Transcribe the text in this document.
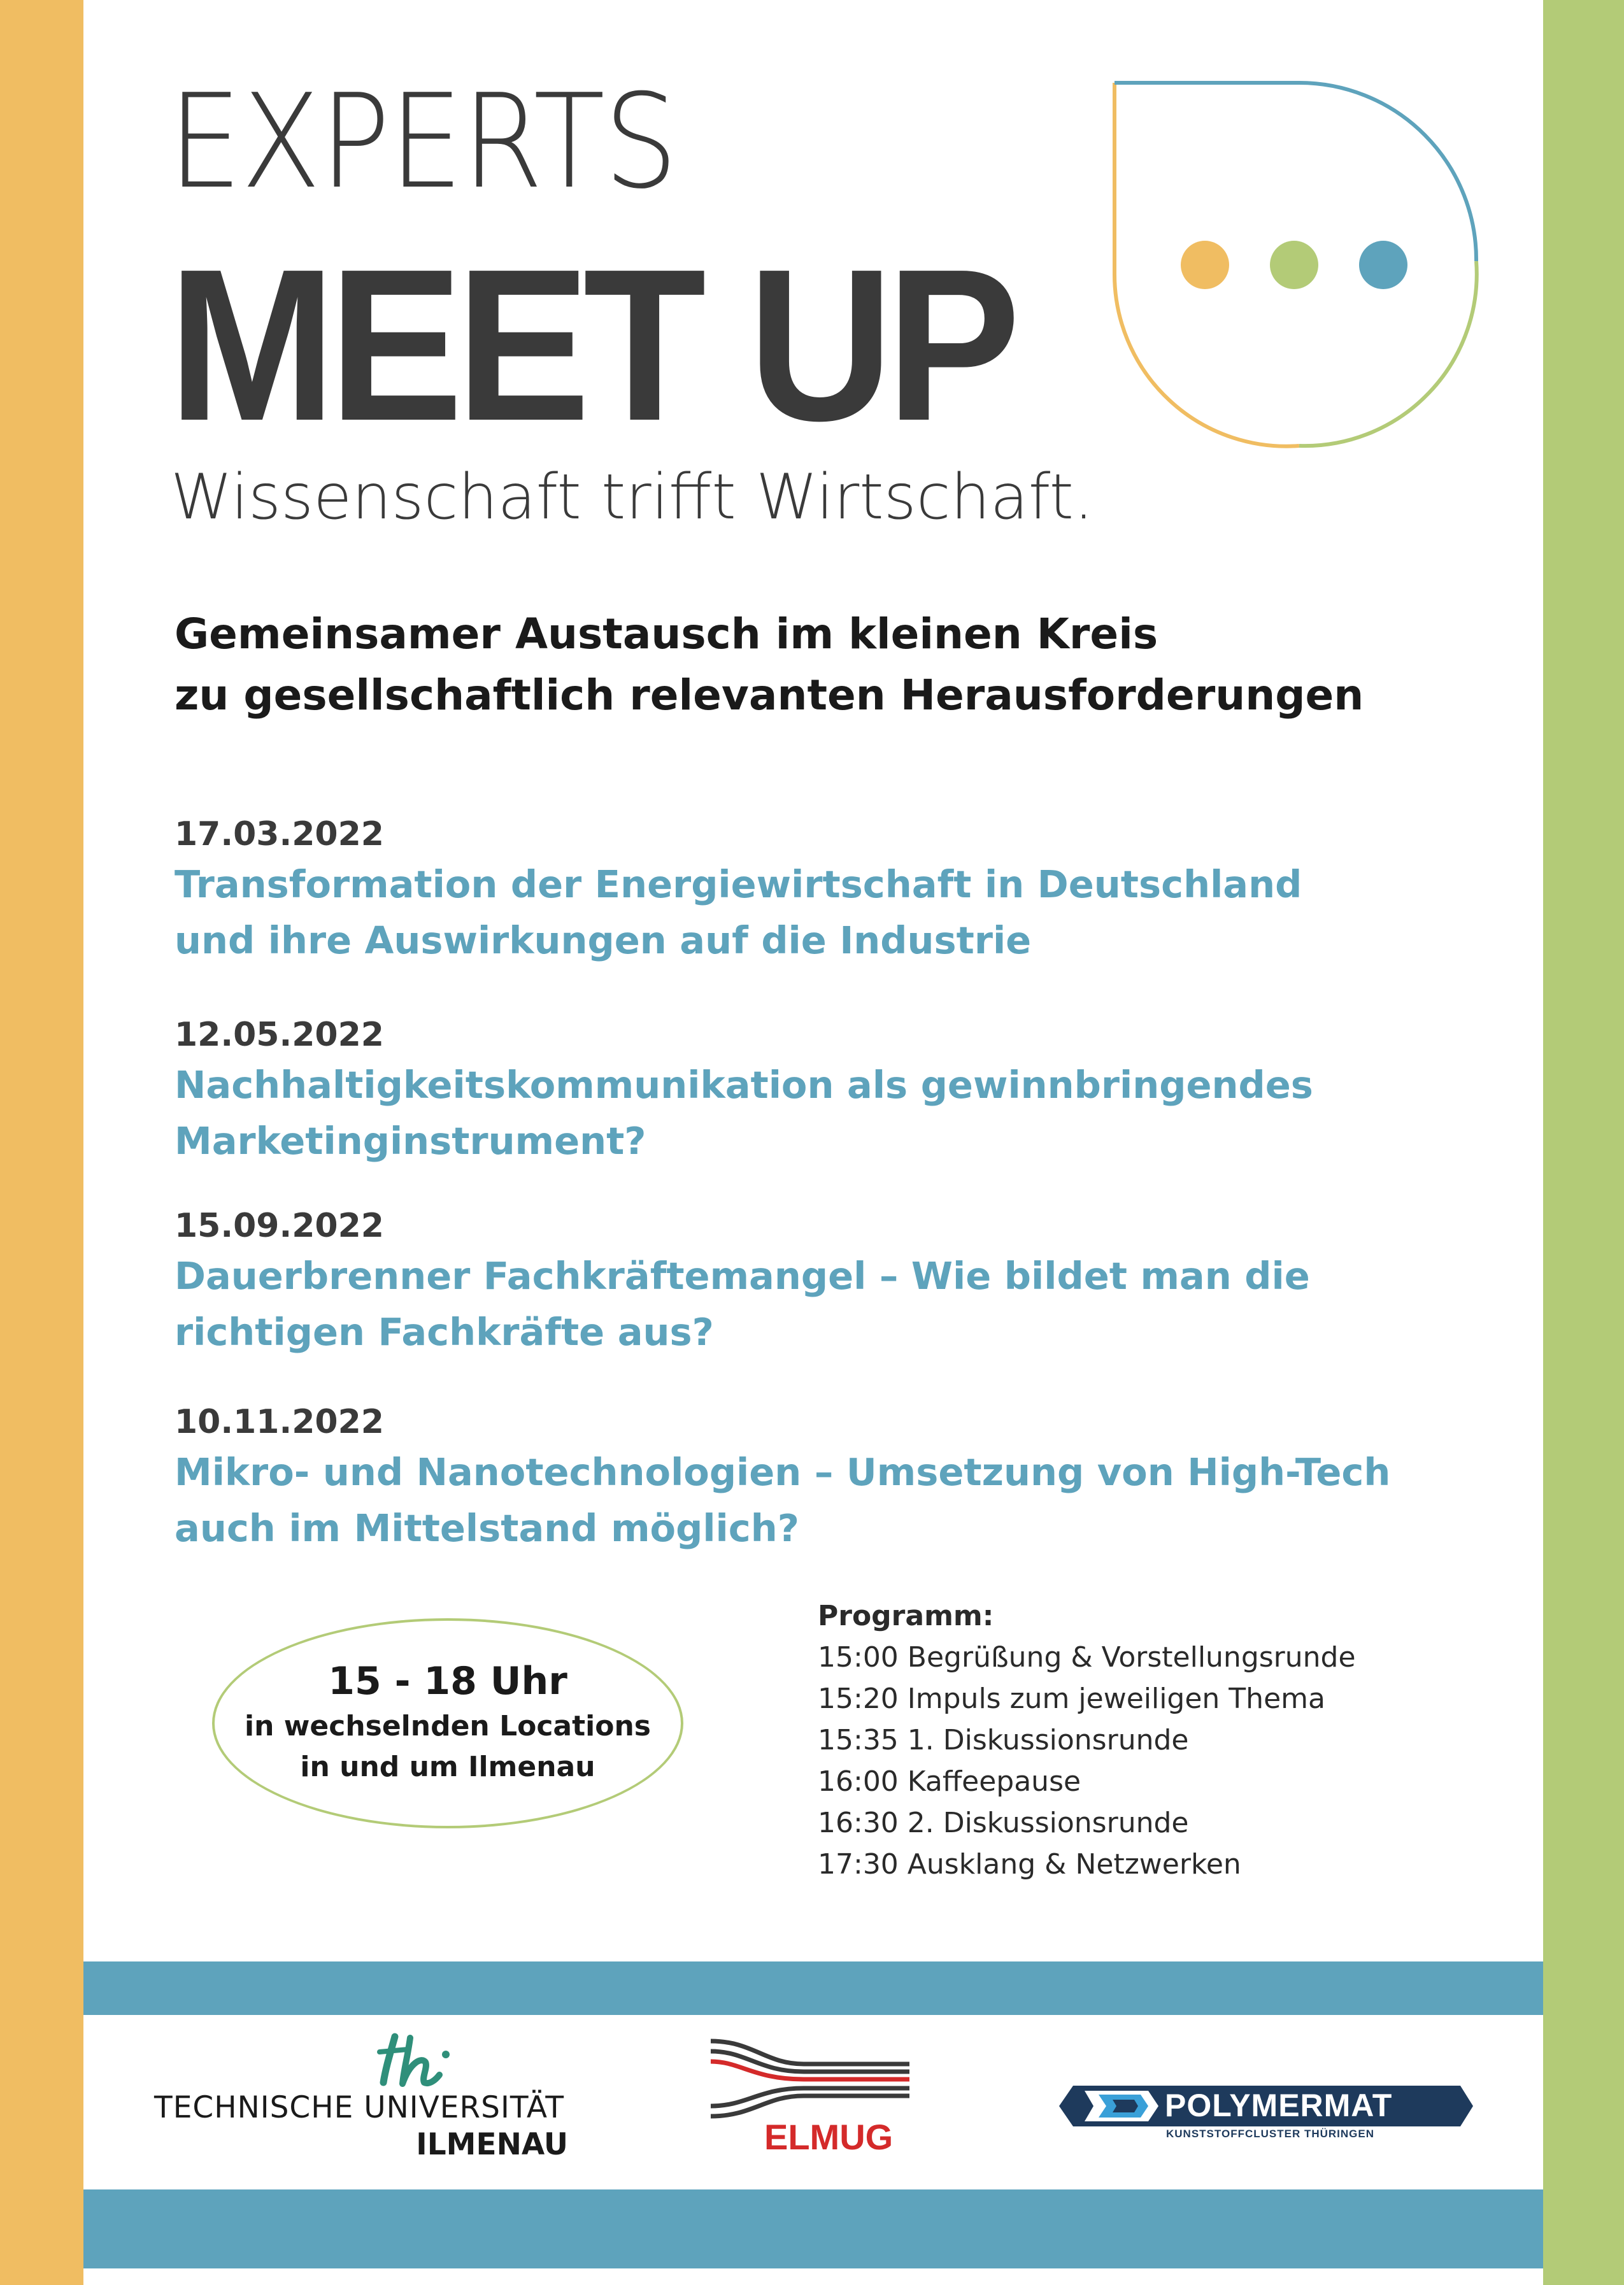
EXPERTS
MEET UP

Wissenschaft trifft Wirtschaft.

Gemeinsamer Austausch im kleinen Kreis
zu gesellschaftlich relevanten Herausforderungen
17.03.2022
Transformation der Energiewirtschaft in Deutschland
und ihre Auswirkungen auf die Industrie
12.05.2022
Nachhaltigkeitskommunikation als gewinnbringendes
Marketinginstrument?
15.09.2022
Dauerbrenner Fachkräftemangel – Wie bildet man die
richtigen Fachkräfte aus?
10.11.2022
Mikro- und Nanotechnologien – Umsetzung von High-Tech
auch im Mittelstand möglich?
15 - 18 Uhr
in wechselnden Locations
in und um Ilmenau
Programm:
15:00 Begrüßung & Vorstellungsrunde
15:20 Impuls zum jeweiligen Thema
15:35 1. Diskussionsrunde
16:00 Kaffeepause
16:30 2. Diskussionsrunde
17:30 Ausklang & Netzwerken
TECHNISCHE UNIVERSITÄT
ILMENAU	ELMUG
POLYMERMAT
KUNSTSTOFFCLUSTER THÜRINGEN
